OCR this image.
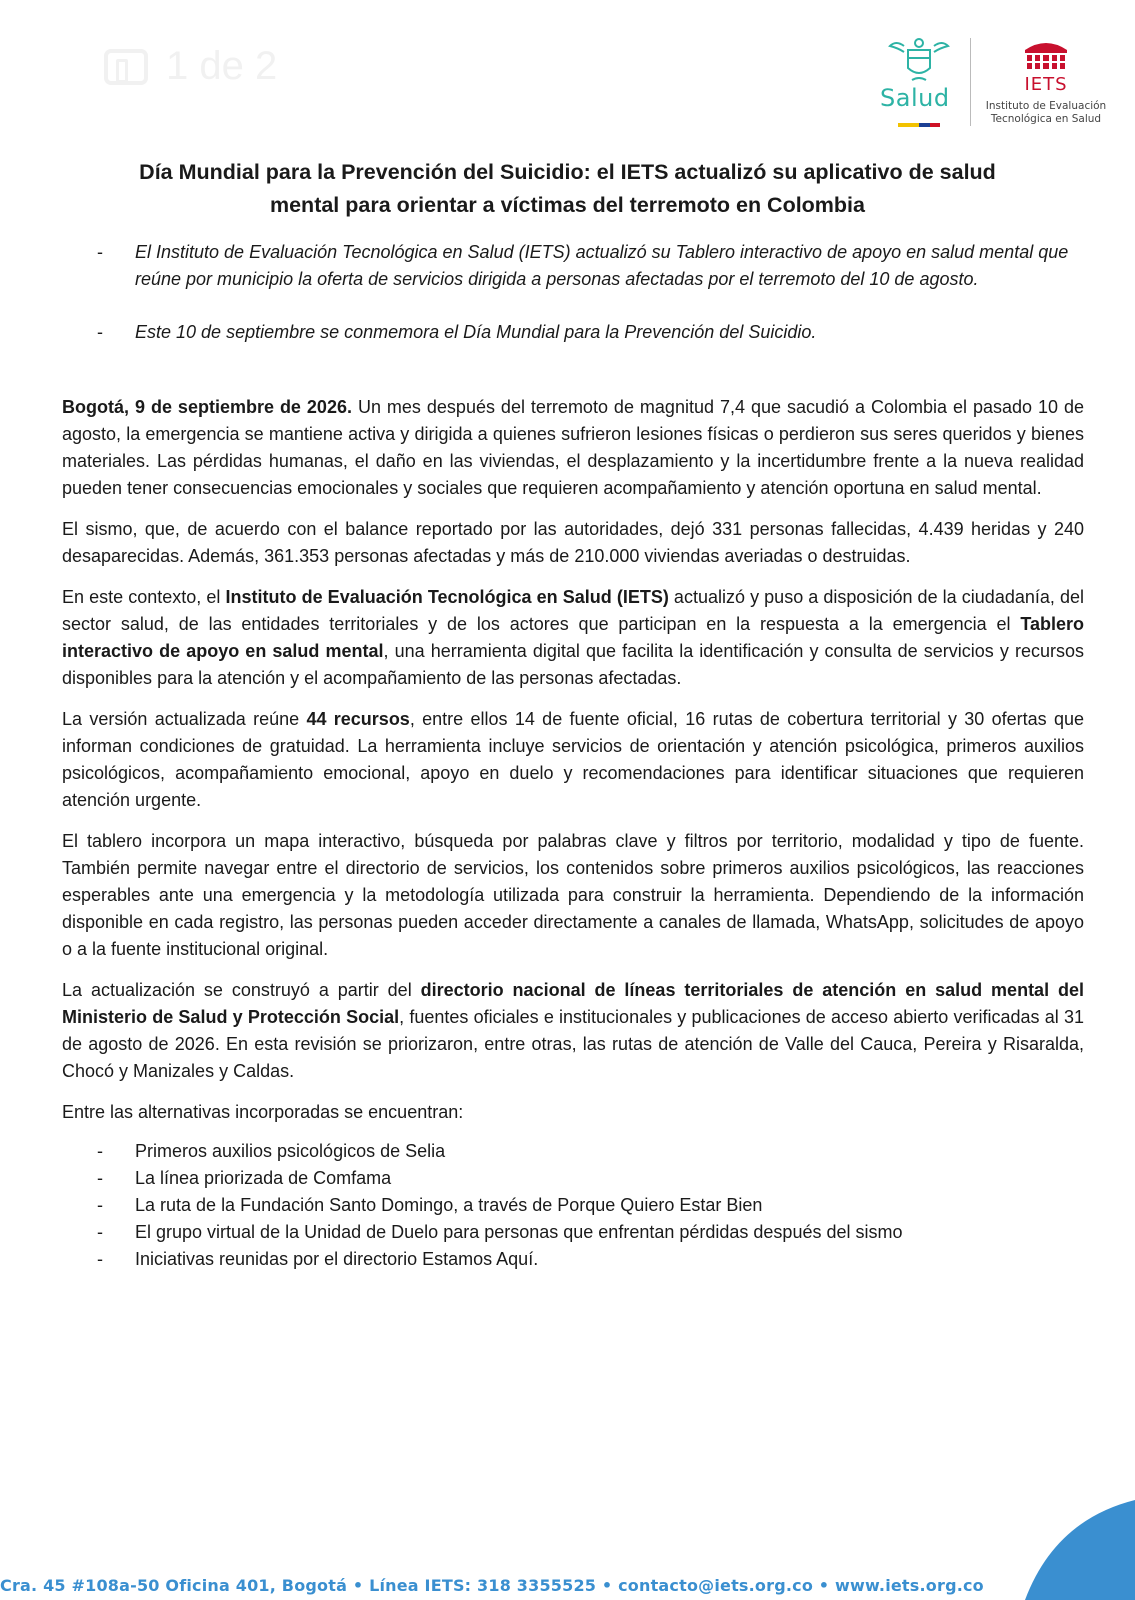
1 de 2
Salud	IETS
Instituto de Evaluación
Tecnológica en Salud
Día Mundial para la Prevención del Suicidio: el IETS actualizó su aplicativo de salud
mental para orientar a víctimas del terremoto en Colombia
- El Instituto de Evaluación Tecnológica en Salud (IETS) actualizó su Tablero interactivo de apoyo en salud mental que reúne por municipio la oferta de servicios dirigida a personas afectadas por el terremoto del 10 de agosto.
- Este 10 de septiembre se conmemora el Día Mundial para la Prevención del Suicidio.

Bogotá, 9 de septiembre de 2026. Un mes después del terremoto de magnitud 7,4 que sacudió a Colombia el pasado 10 de agosto, la emergencia se mantiene activa y dirigida a quienes sufrieron lesiones físicas o perdieron sus seres queridos y bienes materiales. Las pérdidas humanas, el daño en las viviendas, el desplazamiento y la incertidumbre frente a la nueva realidad pueden tener consecuencias emocionales y sociales que requieren acompañamiento y atención oportuna en salud mental.

El sismo, que, de acuerdo con el balance reportado por las autoridades, dejó 331 personas fallecidas, 4.439 heridas y 240 desaparecidas. Además, 361.353 personas afectadas y más de 210.000 viviendas averiadas o destruidas.

En este contexto, el Instituto de Evaluación Tecnológica en Salud (IETS) actualizó y puso a disposición de la ciudadanía, del sector salud, de las entidades territoriales y de los actores que participan en la respuesta a la emergencia el Tablero interactivo de apoyo en salud mental, una herramienta digital que facilita la identificación y consulta de servicios y recursos disponibles para la atención y el acompañamiento de las personas afectadas.

La versión actualizada reúne 44 recursos, entre ellos 14 de fuente oficial, 16 rutas de cobertura territorial y 30 ofertas que informan condiciones de gratuidad. La herramienta incluye servicios de orientación y atención psicológica, primeros auxilios psicológicos, acompañamiento emocional, apoyo en duelo y recomendaciones para identificar situaciones que requieren atención urgente.

El tablero incorpora un mapa interactivo, búsqueda por palabras clave y filtros por territorio, modalidad y tipo de fuente. También permite navegar entre el directorio de servicios, los contenidos sobre primeros auxilios psicológicos, las reacciones esperables ante una emergencia y la metodología utilizada para construir la herramienta. Dependiendo de la información disponible en cada registro, las personas pueden acceder directamente a canales de llamada, WhatsApp, solicitudes de apoyo o a la fuente institucional original.

La actualización se construyó a partir del directorio nacional de líneas territoriales de atención en salud mental del Ministerio de Salud y Protección Social, fuentes oficiales e institucionales y publicaciones de acceso abierto verificadas al 31 de agosto de 2026. En esta revisión se priorizaron, entre otras, las rutas de atención de Valle del Cauca, Pereira y Risaralda, Chocó y Manizales y Caldas.

Entre las alternativas incorporadas se encuentran:

- Primeros auxilios psicológicos de Selia
- La línea priorizada de Comfama
- La ruta de la Fundación Santo Domingo, a través de Porque Quiero Estar Bien
- El grupo virtual de la Unidad de Duelo para personas que enfrentan pérdidas después del sismo
- Iniciativas reunidas por el directorio Estamos Aquí.
Cra. 45 #108a-50 Oficina 401, Bogotá • Línea IETS: 318 3355525 • contacto@iets.org.co • www.iets.org.co
